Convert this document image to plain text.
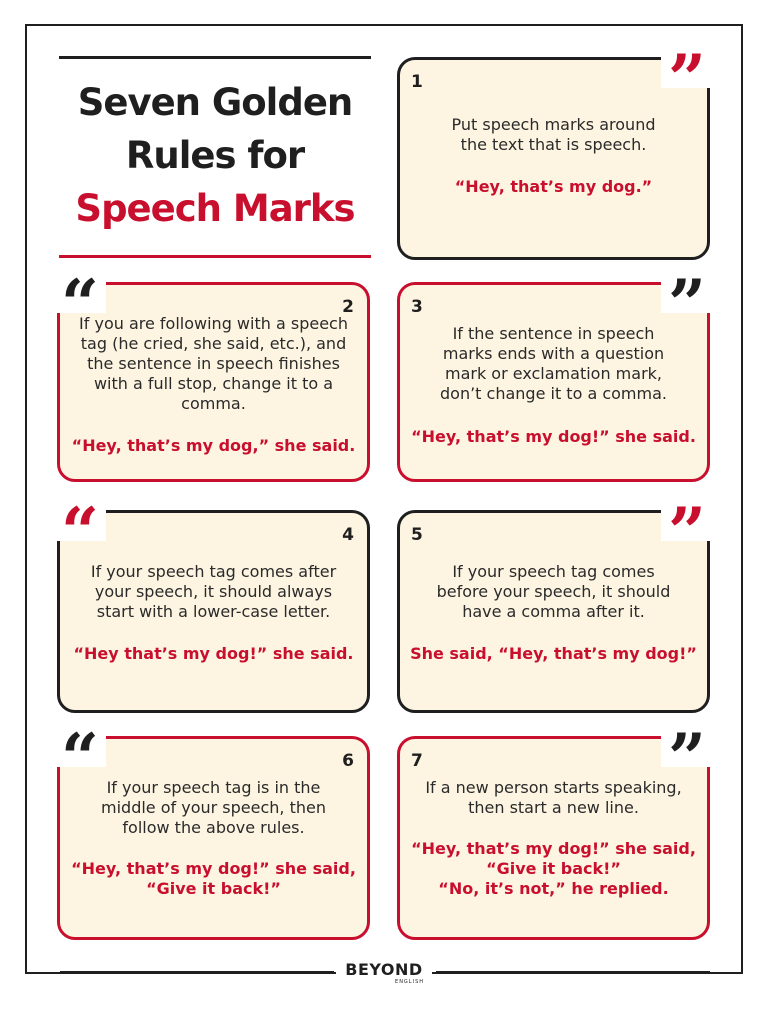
Seven Golden
Rules for
Speech Marks
”
1

Put speech marks around the text that is speech.

“Hey, that’s my dog.”

“	2

If you are following with a speech tag (he cried, she said, etc.), and the sentence in speech finishes with a full stop, change it to a comma.

“Hey, that’s my dog,” she said.

”
3

If the sentence in speech marks ends with a question mark or exclamation mark, don’t change it to a comma.

“Hey, that’s my dog!” she said.

“	4

If your speech tag comes after your speech, it should always start with a lower-case letter.

“Hey that’s my dog!” she said.

”
5

If your speech tag comes before your speech, it should have a comma after it.

She said, “Hey, that’s my dog!”

“	6

If your speech tag is in the middle of your speech, then follow the above rules.

“Hey, that’s my dog!” she said,
“Give it back!”

”
7

If a new person starts speaking, then start a new line.

“Hey, that’s my dog!” she said,
“Give it back!”
“No, it’s not,” he replied.

BEYOND
ENGLISH
